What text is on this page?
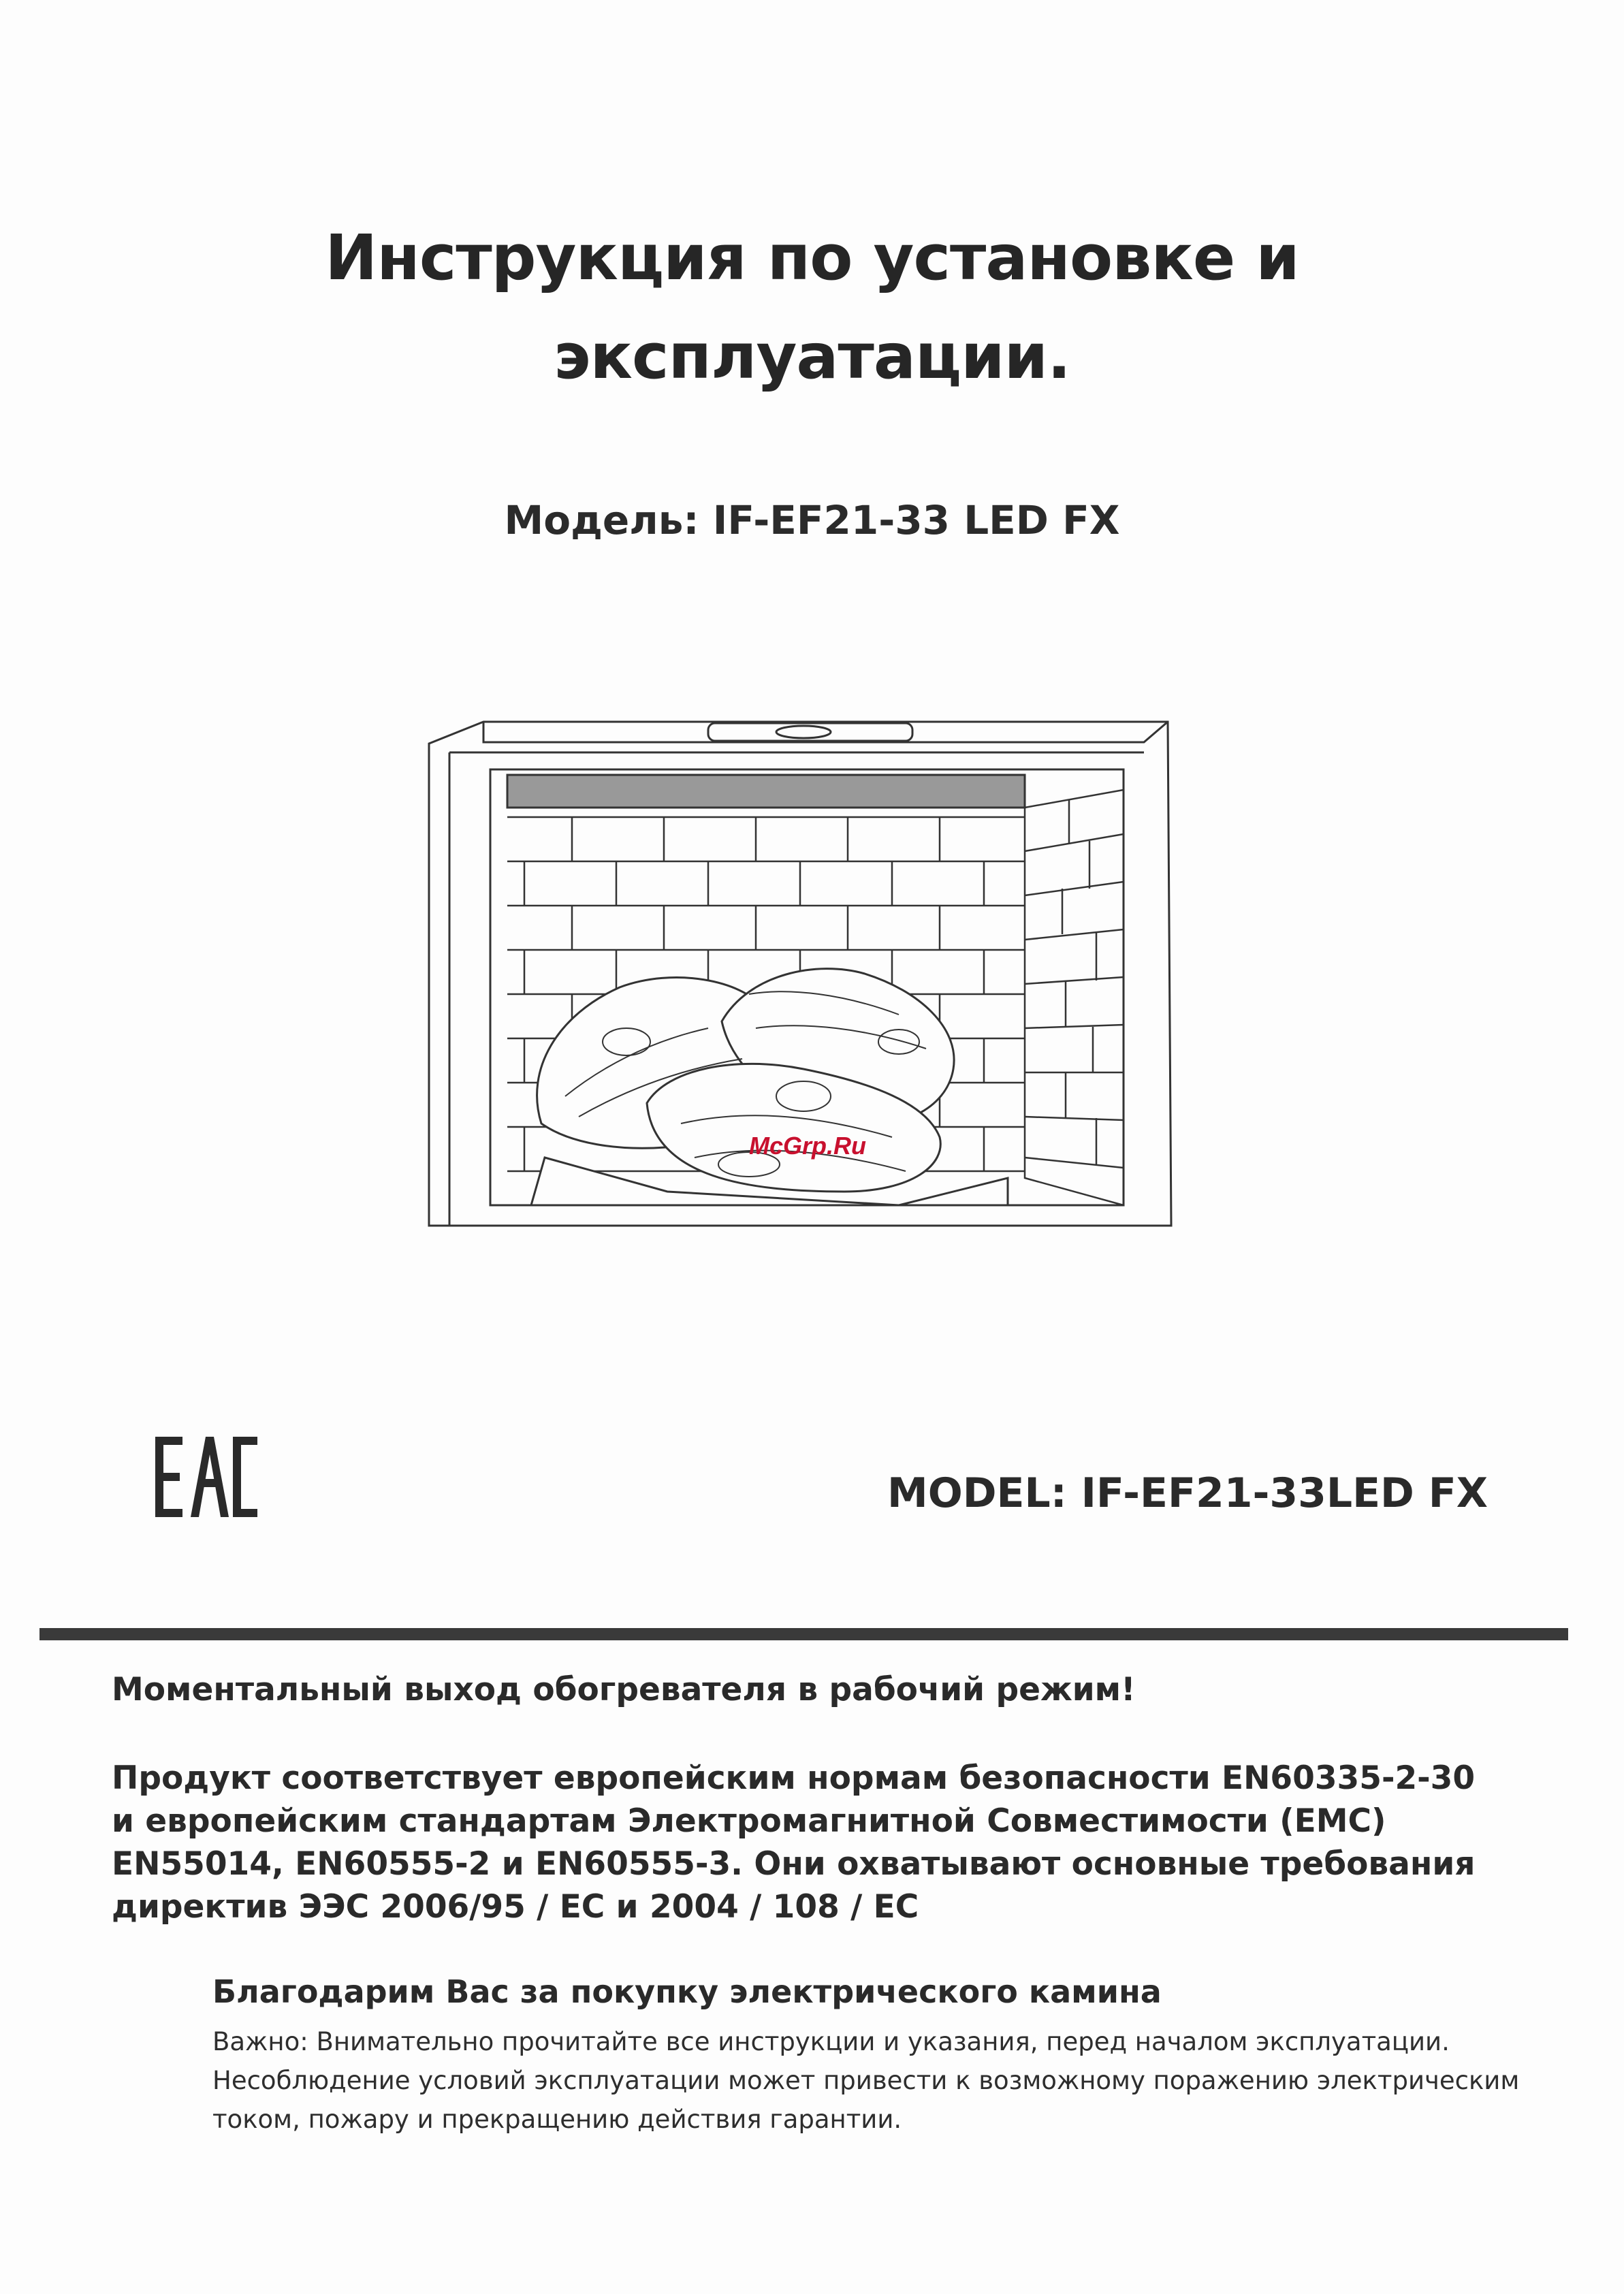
Инструкция по установке и
эксплуатации.
Модель: IF-EF21-33 LED FX
McGrp.Ru
MODEL: IF-EF21-33LED FX

Моментальный выход обогревателя в рабочий режим!

Продукт соответствует европейским нормам безопасности EN60335-2-30 и европейским стандартам Электромагнитной Совместимости (EMC) EN55014, EN60555-2 и EN60555-3. Они охватывают основные требования директив ЭЭС 2006/95 / ЕС и 2004 / 108 / ЕС

Благодарим Вас за покупку электрического камина

Важно: Внимательно прочитайте все инструкции и указания, перед началом эксплуатации. Несоблюдение условий эксплуатации может привести к возможному поражению электрическим током, пожару и прекращению действия гарантии.
